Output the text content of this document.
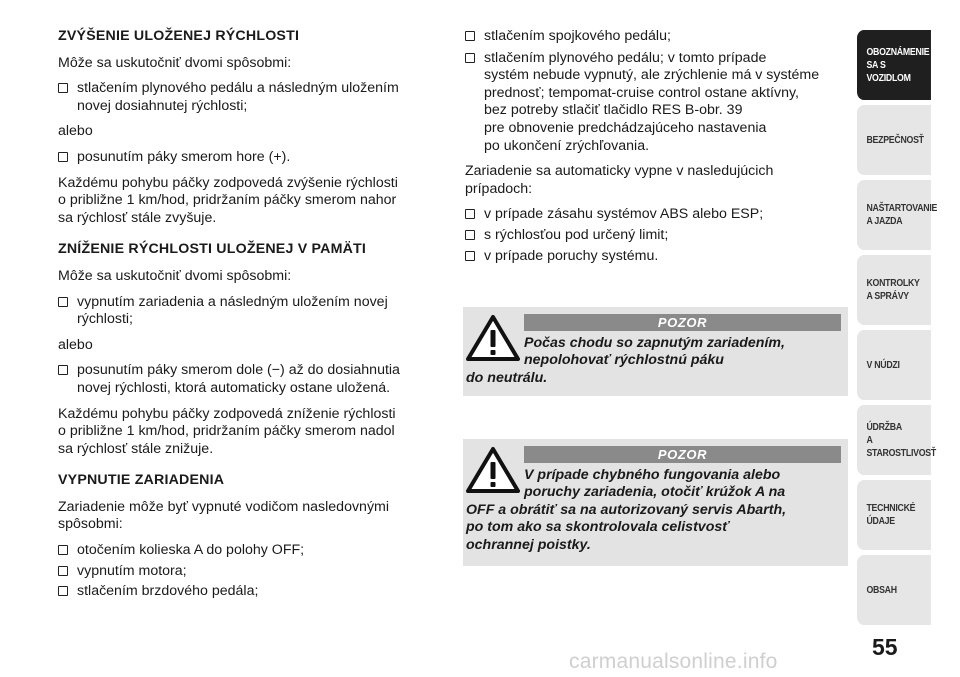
ZVÝŠENIE ULOŽENEJ RÝCHLOSTI

Môže sa uskutočniť dvomi spôsobmi:

stlačením plynového pedálu a následným uložením
novej dosiahnutej rýchlosti;

alebo

posunutím páky smerom hore (+).

Každému pohybu páčky zodpovedá zvýšenie rýchlosti
o približne 1 km/hod, pridržaním páčky smerom nahor
sa rýchlosť stále zvyšuje.

ZNÍŽENIE RÝCHLOSTI ULOŽENEJ V PAMÄTI

Môže sa uskutočniť dvomi spôsobmi:

vypnutím zariadenia a následným uložením novej
rýchlosti;

alebo

posunutím páky smerom dole (−) až do dosiahnutia
novej rýchlosti, ktorá automaticky ostane uložená.

Každému pohybu páčky zodpovedá zníženie rýchlosti
o približne 1 km/hod, pridržaním páčky smerom nadol
sa rýchlosť stále znižuje.

VYPNUTIE ZARIADENIA

Zariadenie môže byť vypnuté vodičom nasledovnými
spôsobmi:

otočením kolieska A do polohy OFF;
vypnutím motora;
stlačením brzdového pedála;
stlačením spojkového pedálu;
stlačením plynového pedálu; v tomto prípade
systém nebude vypnutý, ale zrýchlenie má v systéme
prednosť; tempomat-cruise control ostane aktívny,
bez potreby stlačiť tlačidlo RES B-obr. 39
pre obnovenie predchádzajúceho nastavenia
po ukončení zrýchľovania.

Zariadenie sa automaticky vypne v nasledujúcich
prípadoch:

v prípade zásahu systémov ABS alebo ESP;
s rýchlosťou pod určený limit;
v prípade poruchy systému.
POZOR
Počas chodu so zapnutým zariadením,
nepolohovať rýchlostnú páku
do neutrálu.
POZOR
V prípade chybného fungovania alebo
poruchy zariadenia, otočiť krúžok A na
OFF a obrátiť sa na autorizovaný servis Abarth,
po tom ako sa skontrolovala celistvosť
ochrannej poistky.
OBOZNÁMENIE
SA S VOZIDLOM
BEZPEČNOSŤ
NAŠTARTOVANIE
A JAZDA
KONTROLKY
A SPRÁVY
V NÚDZI
ÚDRŽBA
A STAROSTLIVOSŤ
TECHNICKÉ
ÚDAJE
OBSAH
55
carmanualsonline.info
